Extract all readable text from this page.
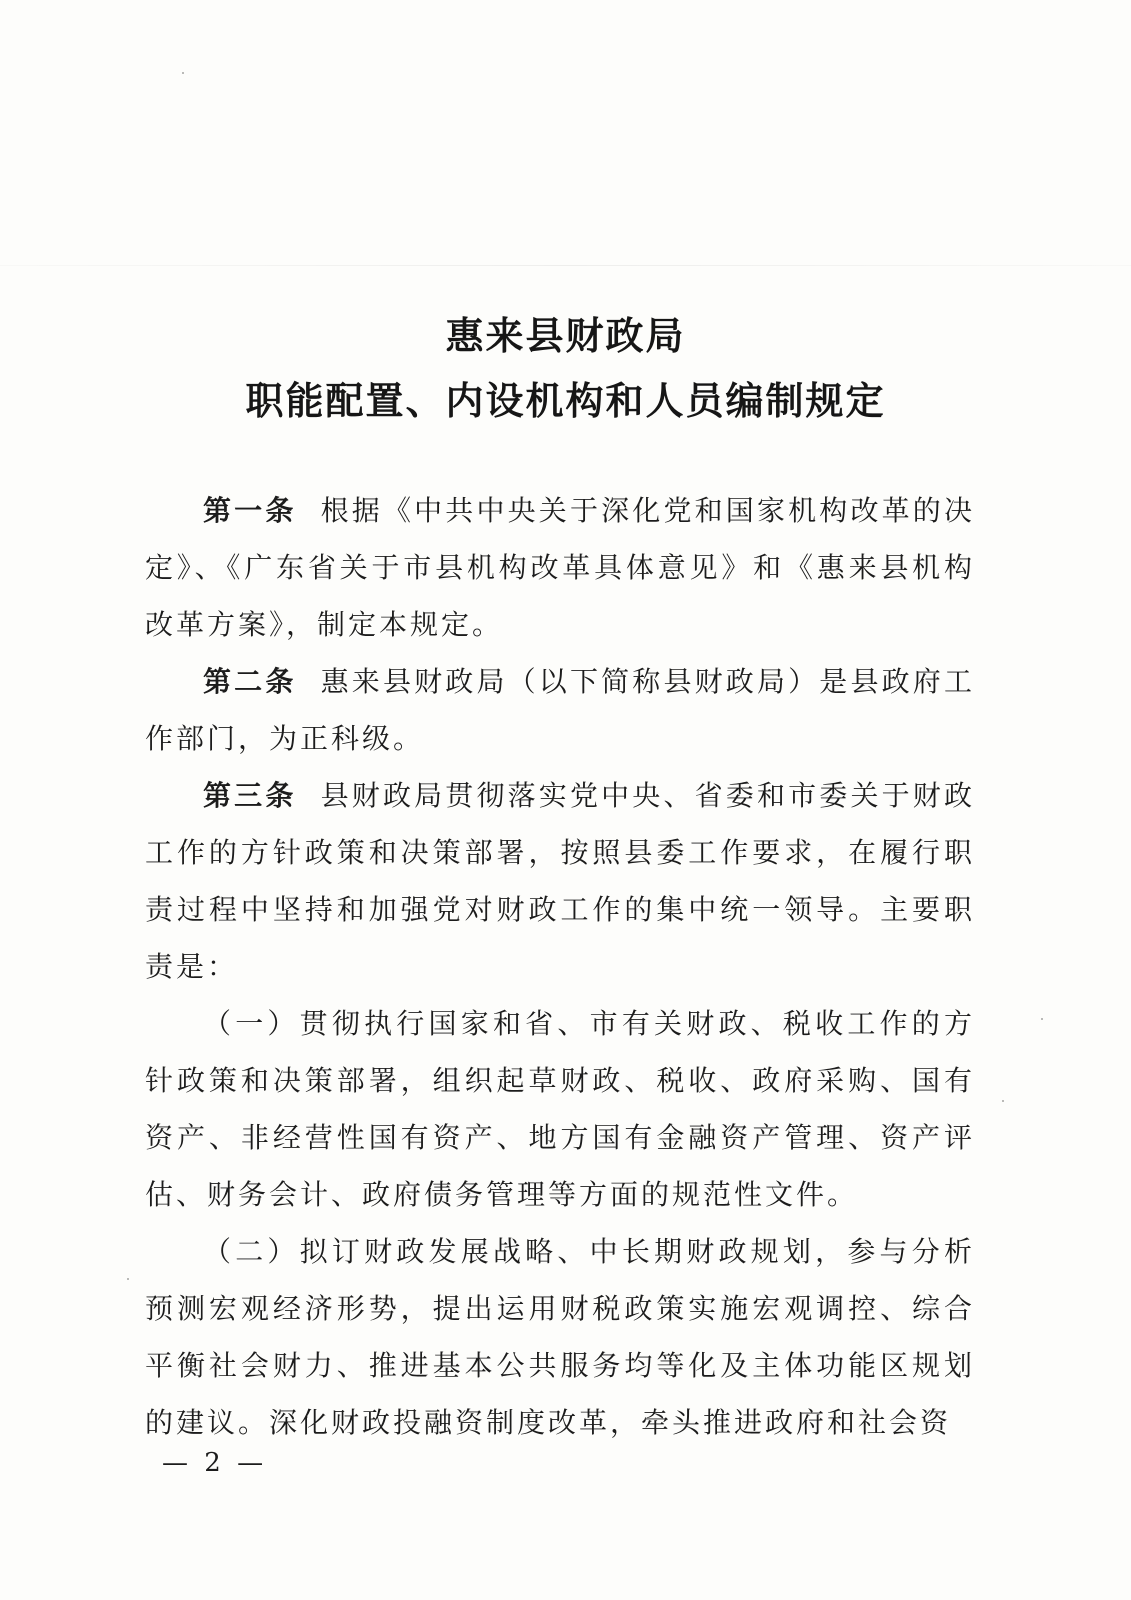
惠来县财政局
职能配置、内设机构和人员编制规定

第一条 根据《中共中央关于深化党和国家机构改革的决定》、《广东省关于市县机构改革具体意见》和《惠来县机构改革方案》，制定本规定。

第二条 惠来县财政局（以下简称县财政局）是县政府工作部门，为正科级。

第三条 县财政局贯彻落实党中央、省委和市委关于财政工作的方针政策和决策部署，按照县委工作要求，在履行职责过程中坚持和加强党对财政工作的集中统一领导。主要职责是：

（一）贯彻执行国家和省、市有关财政、税收工作的方针政策和决策部署，组织起草财政、税收、政府采购、国有资产、非经营性国有资产、地方国有金融资产管理、资产评估、财务会计、政府债务管理等方面的规范性文件。

（二）拟订财政发展战略、中长期财政规划，参与分析预测宏观经济形势，提出运用财税政策实施宏观调控、综合平衡社会财力、推进基本公共服务均等化及主体功能区规划的建议。深化财政投融资制度改革，牵头推进政府和社会资

— 2 —
